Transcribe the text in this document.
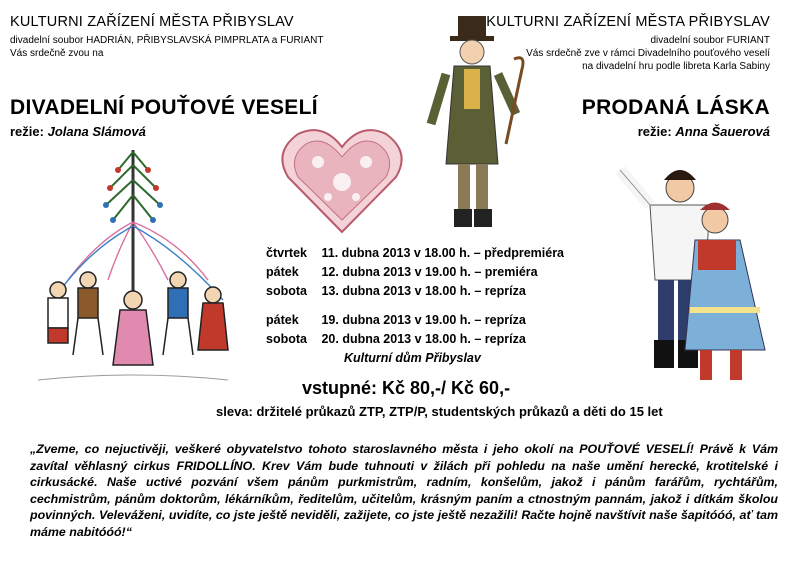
KULTURNI ZAŘÍZENÍ MĚSTA PŘIBYSLAV
divadelní soubor HADRIÁN, PŘIBYSLAVSKÁ PIMPRLATA a FURIANT
Vás srdečně zvou na
DIVADELNÍ POUŤOVÉ VESELÍ
režie: Jolana Slámová
KULTURNI ZAŘÍZENÍ MĚSTA PŘIBYSLAV
divadelní soubor FURIANT
Vás srdečně zve v rámci Divadelního pouťového veselí
na divadelní hru podle libreta Karla Sabiny
PRODANÁ LÁSKA
režie: Anna Šauerová
čtvrtek 11. dubna 2013 v 18.00 h. – předpremiéra
pátek 12. dubna 2013 v 19.00 h. – premiéra
sobota 13. dubna 2013 v 18.00 h. – repríza
pátek 19. dubna 2013 v 19.00 h. – repríza
sobota 20. dubna 2013 v 18.00 h. – repríza
Kulturní dům Přibyslav
vstupné: Kč 80,-/ Kč 60,-
sleva: držitelé průkazů ZTP, ZTP/P, studentských průkazů a děti do 15 let
„Zveme, co nejuctivěji, veškeré obyvatelstvo tohoto staroslavného města i jeho okolí na POUŤOVÉ VESELÍ! Právě k Vám zavítal věhlasný cirkus FRIDOLLÍNO. Krev Vám bude tuhnouti v žilách při pohledu na naše umění herecké, krotitelské i cirkusácké. Naše uctivé pozvání všem pánům purkmistrům, radním, konšelům, jakož i pánům farářům, rychtářům, cechmistrům, pánům doktorům, lékárníkům, ředitelům, učitelům, krásným paním a ctnostným pannám, jakož i dítkám školou povinných. Veleváženi, uvidíte, co jste ještě neviděli, zažijete, co jste ještě nezažili! Račte hojně navštívit naše šapitóóó, ať tam máme nabitóóó!“
